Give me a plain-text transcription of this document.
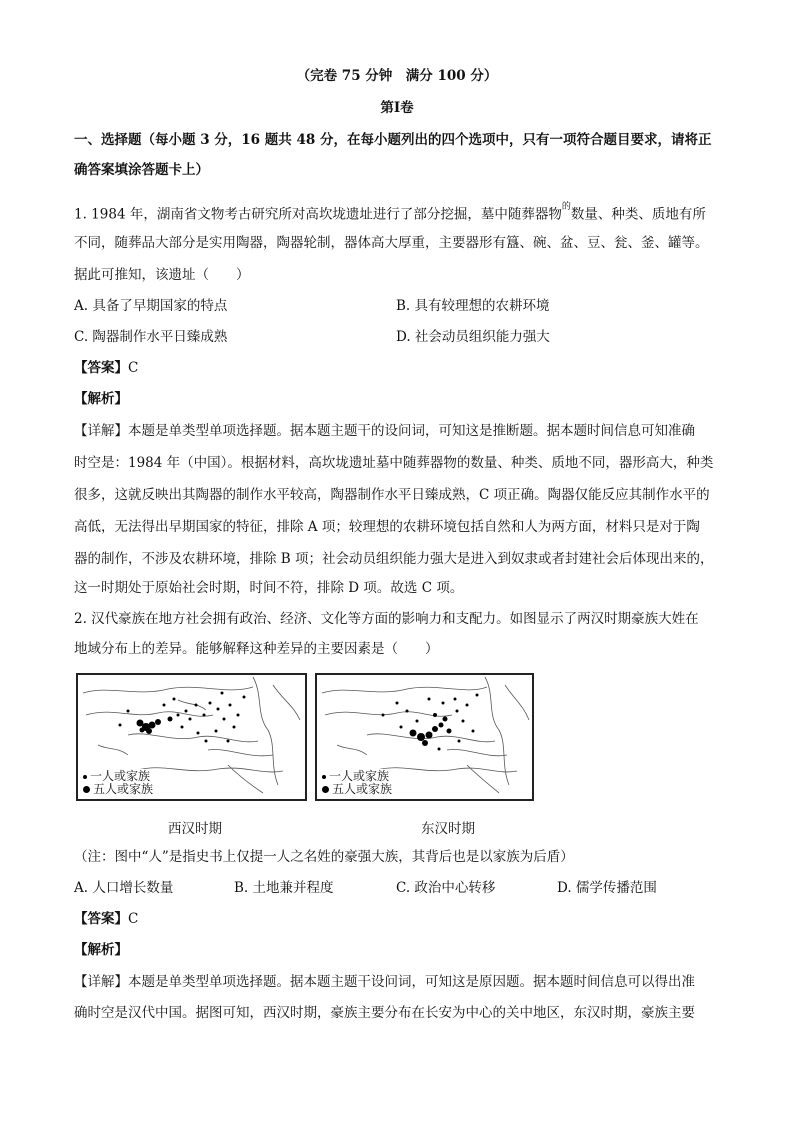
（完卷 75 分钟　满分 100 分）
第Ⅰ卷
一、选择题（每小题 3 分，16 题共 48 分，在每小题列出的四个选项中，只有一项符合题目要求，请将正
确答案填涂答题卡上）
1. 1984 年，湖南省文物考古研究所对高坎垅遗址进行了部分挖掘，墓中随葬器物$^的$数量、种类、质地有所
不同，随葬品大部分是实用陶器，陶器轮制，器体高大厚重，主要器形有簋、碗、盆、豆、瓮、釜、罐等。
据此可推知，该遗址（　　）
A. 具备了早期国家的特点	B. 具有较理想的农耕环境
C. 陶器制作水平日臻成熟	D. 社会动员组织能力强大
【答案】C
【解析】
【详解】本题是单类型单项选择题。据本题主题干的设问词，可知这是推断题。据本题时间信息可知准确
时空是：1984 年（中国）。根据材料，高坎垅遗址墓中随葬器物的数量、种类、质地不同，器形高大，种类
很多，这就反映出其陶器的制作水平较高，陶器制作水平日臻成熟，C 项正确。陶器仅能反应其制作水平的
高低，无法得出早期国家的特征，排除 A 项；较理想的农耕环境包括自然和人为两方面，材料只是对于陶
器的制作，不涉及农耕环境，排除 B 项；社会动员组织能力强大是进入到奴隶或者封建社会后体现出来的，
这一时期处于原始社会时期，时间不符，排除 D 项。故选 C 项。
2. 汉代豪族在地方社会拥有政治、经济、文化等方面的影响力和支配力。如图显示了两汉时期豪族大姓在
地域分布上的差异。能够解释这种差异的主要因素是（　　）
一人或家族
五人或家族
一人或家族
五人或家族
西汉时期	东汉时期
（注：图中“人”是指史书上仅提一人之名姓的豪强大族，其背后也是以家族为后盾）
A. 人口增长数量	B. 土地兼并程度	C. 政治中心转移	D. 儒学传播范围
【答案】C
【解析】
【详解】本题是单类型单项选择题。据本题主题干设问词，可知这是原因题。据本题时间信息可以得出准
确时空是汉代中国。据图可知，西汉时期，豪族主要分布在长安为中心的关中地区，东汉时期，豪族主要
